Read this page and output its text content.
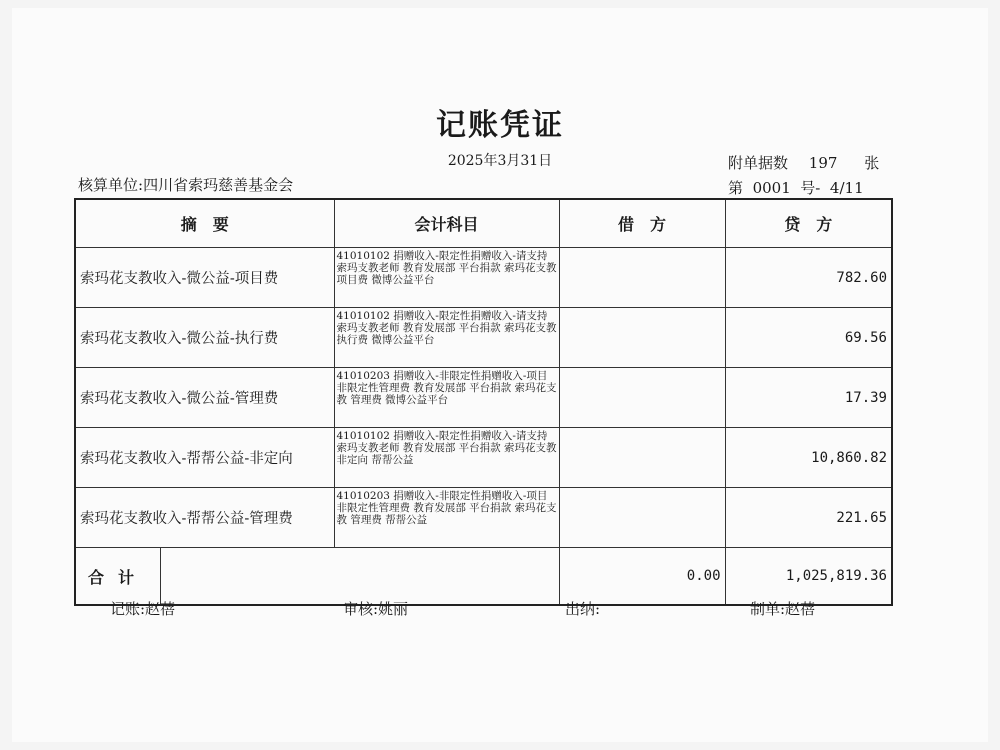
记账凭证
2025年3月31日
核算单位:四川省索玛慈善基金会
附单据数 197 张
第 0001 号- 4/11
摘　要	会计科目	借　方	贷　方
索玛花支教收入-微公益-项目费	41010102 捐赠收入-限定性捐赠收入-请支持索玛支教老师 教育发展部 平台捐款 索玛花支教 项目费 微博公益平台		782.60
索玛花支教收入-微公益-执行费	41010102 捐赠收入-限定性捐赠收入-请支持索玛支教老师 教育发展部 平台捐款 索玛花支教 执行费 微博公益平台		69.56
索玛花支教收入-微公益-管理费	41010203 捐赠收入-非限定性捐赠收入-项目非限定性管理费 教育发展部 平台捐款 索玛花支教 管理费 微博公益平台		17.39
索玛花支教收入-帮帮公益-非定向	41010102 捐赠收入-限定性捐赠收入-请支持索玛支教老师 教育发展部 平台捐款 索玛花支教 非定向 帮帮公益		10,860.82
索玛花支教收入-帮帮公益-管理费	41010203 捐赠收入-非限定性捐赠收入-项目非限定性管理费 教育发展部 平台捐款 索玛花支教 管理费 帮帮公益		221.65

合计		0.00	1,025,819.36
记账:赵蓓	审核:姚丽	出纳:	制单:赵蓓
